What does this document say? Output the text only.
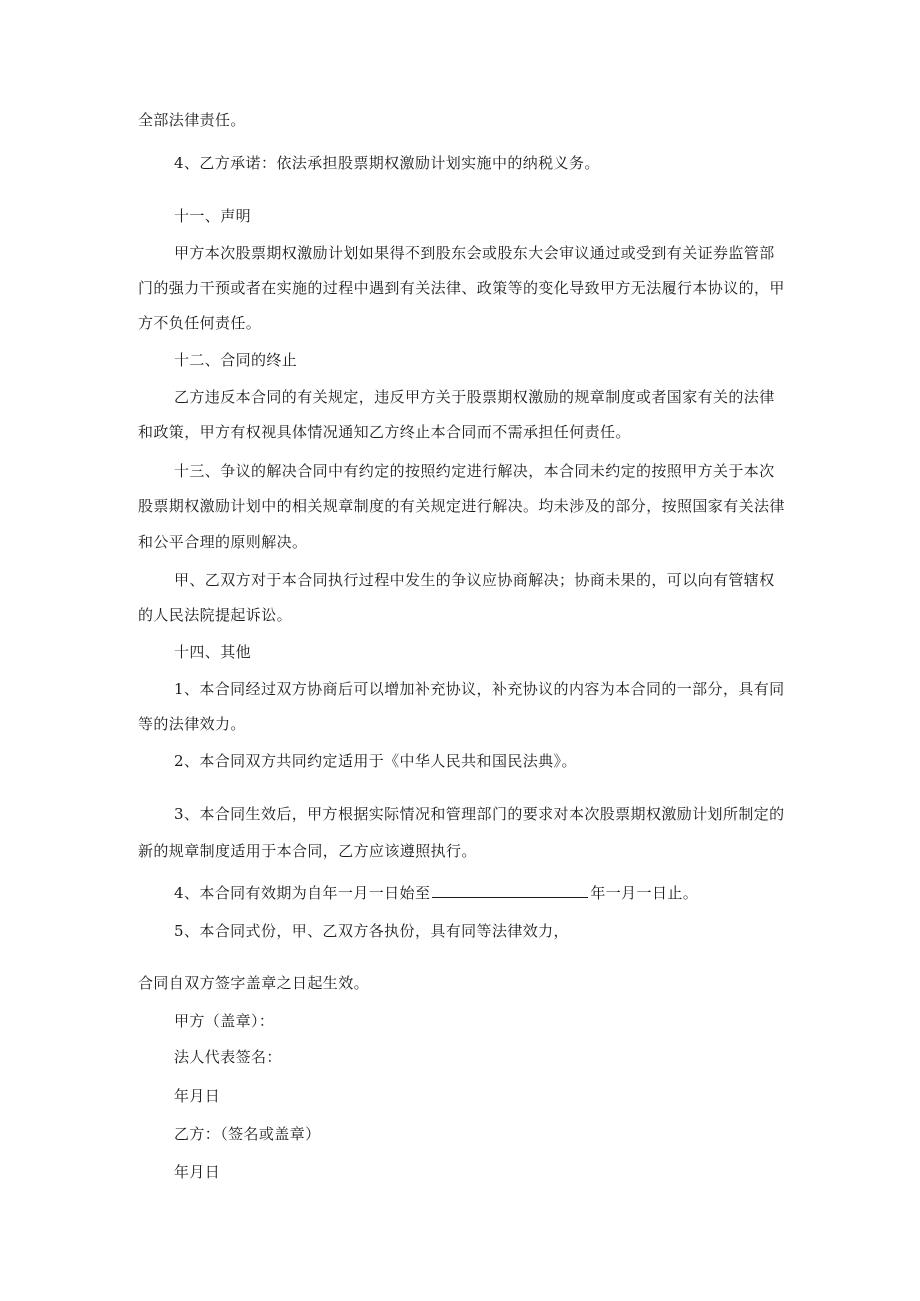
全部法律责任。
4、乙方承诺：依法承担股票期权激励计划实施中的纳税义务。
十一、声明
甲方本次股票期权激励计划如果得不到股东会或股东大会审议通过或受到有关证券监管部
门的强力干预或者在实施的过程中遇到有关法律、政策等的变化导致甲方无法履行本协议的，甲
方不负任何责任。
十二、合同的终止
乙方违反本合同的有关规定，违反甲方关于股票期权激励的规章制度或者国家有关的法律
和政策，甲方有权视具体情况通知乙方终止本合同而不需承担任何责任。
十三、争议的解决合同中有约定的按照约定进行解决，本合同未约定的按照甲方关于本次
股票期权激励计划中的相关规章制度的有关规定进行解决。均未涉及的部分，按照国家有关法律
和公平合理的原则解决。
甲、乙双方对于本合同执行过程中发生的争议应协商解决；协商未果的，可以向有管辖权
的人民法院提起诉讼。
十四、其他
1、本合同经过双方协商后可以增加补充协议，补充协议的内容为本合同的一部分，具有同
等的法律效力。
2、本合同双方共同约定适用于《中华人民共和国民法典》。
3、本合同生效后，甲方根据实际情况和管理部门的要求对本次股票期权激励计划所制定的
新的规章制度适用于本合同，乙方应该遵照执行。
4、本合同有效期为自年一月一日始至	年一月一日止。
5、本合同式份，甲、乙双方各执份，具有同等法律效力，
合同自双方签字盖章之日起生效。
甲方（盖章）：
法人代表签名：
年月日
乙方：（签名或盖章）
年月日
